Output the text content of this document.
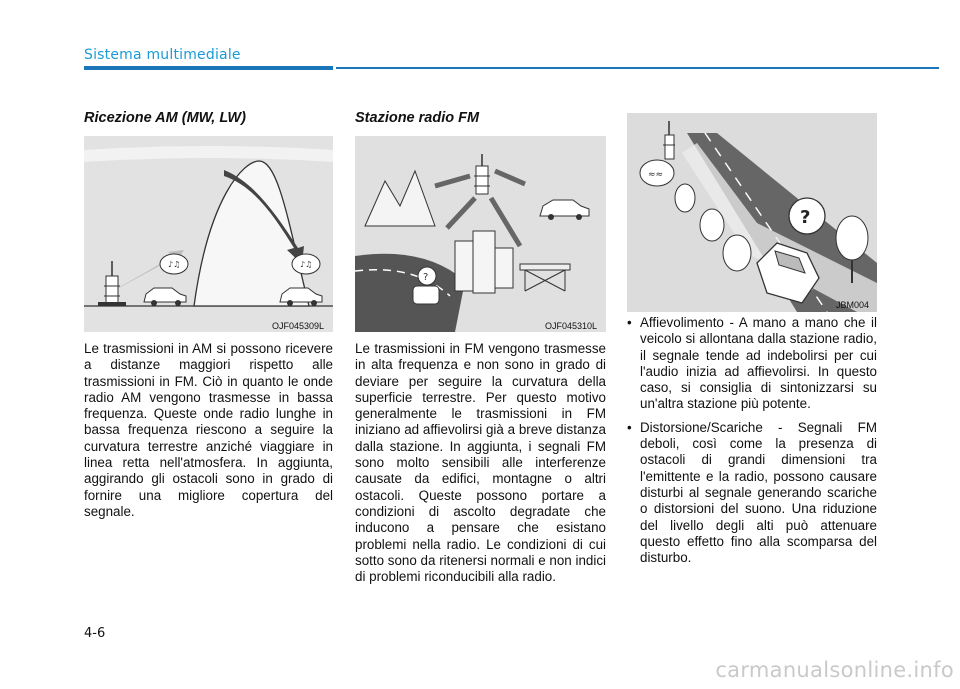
Sistema multimediale
Ricezione AM (MW, LW)
♪♫	♪♫
OJF045309L

Le trasmissioni in AM si possono ricevere a distanze maggiori rispetto alle trasmissioni in FM. Ciò in quanto le onde radio AM vengono trasmesse in bassa frequenza. Queste onde radio lunghe in bassa frequenza riescono a seguire la curvatura terrestre anziché viaggiare in linea retta nell'atmosfera. In aggiunta, aggirando gli ostacoli sono in grado di fornire una migliore copertura del segnale.

Stazione radio FM
?
OJF045310L

Le trasmissioni in FM vengono trasmesse in alta frequenza e non sono in grado di deviare per seguire la curvatura della superficie terrestre. Per questo motivo generalmente le trasmissioni in FM iniziano ad affievolirsi già a breve distanza dalla stazione. In aggiunta, i segnali FM sono molto sensibili alle interferenze causate da edifici, montagne o altri ostacoli. Queste possono portare a condizioni di ascolto degradate che inducono a pensare che esistano problemi nella radio. Le condizioni di cui sotto sono da ritenersi normali e non indici di problemi riconducibili alla radio.

≈≈
?
JBM004
• Affievolimento - A mano a mano che il veicolo si allontana dalla stazione radio, il segnale tende ad indebolirsi per cui l'audio inizia ad affievolirsi. In questo caso, si consiglia di sintonizzarsi su un'altra stazione più potente.
• Distorsione/Scariche - Segnali FM deboli, così come la presenza di ostacoli di grandi dimensioni tra l'emittente e la radio, possono causare disturbi al segnale generando scariche o distorsioni del suono. Una riduzione del livello degli alti può attenuare questo effetto fino alla scomparsa del disturbo.
4-6
carmanualsonline.info
